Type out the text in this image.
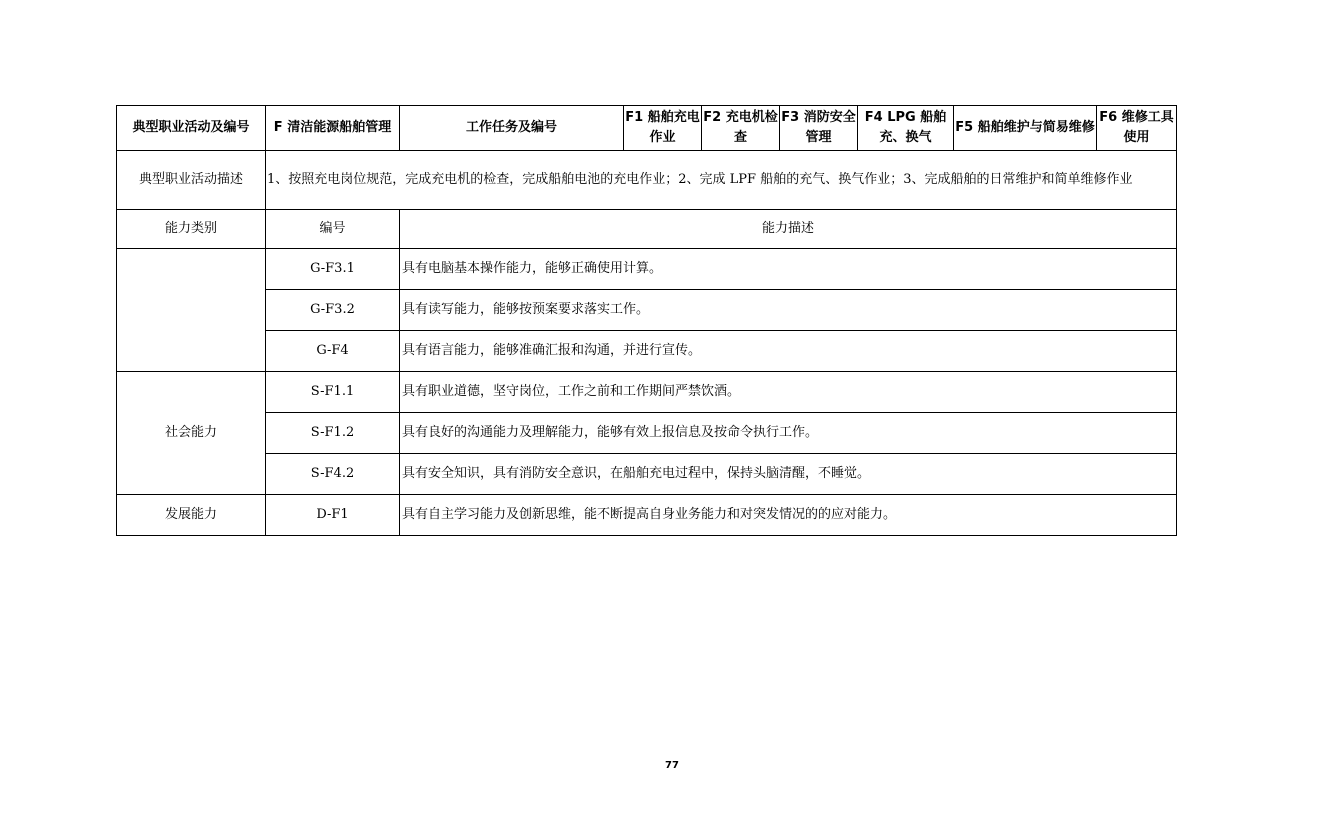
典型职业活动及编号	F 清洁能源船舶管理	工作任务及编号	F1 船舶充电作业	F2 充电机检查	F3 消防安全管理	F4 LPG 船舶充、换气	F5 船舶维护与简易维修	F6 维修工具使用
典型职业活动描述	1、按照充电岗位规范，完成充电机的检查，完成船舶电池的充电作业；2、完成 LPF 船舶的充气、换气作业；3、完成船舶的日常维护和简单维修作业							
能力类别	编号	能力描述						
	G-F3.1	具有电脑基本操作能力，能够正确使用计算。						
	G-F3.2	具有读写能力，能够按预案要求落实工作。						
	G-F4	具有语言能力，能够准确汇报和沟通，并进行宣传。						
社会能力	S-F1.1	具有职业道德，坚守岗位，工作之前和工作期间严禁饮酒。						
	S-F1.2	具有良好的沟通能力及理解能力，能够有效上报信息及按命令执行工作。						
	S-F4.2	具有安全知识，具有消防安全意识，在船舶充电过程中，保持头脑清醒，不睡觉。						
发展能力	D-F1	具有自主学习能力及创新思维，能不断提高自身业务能力和对突发情况的的应对能力。						
77
